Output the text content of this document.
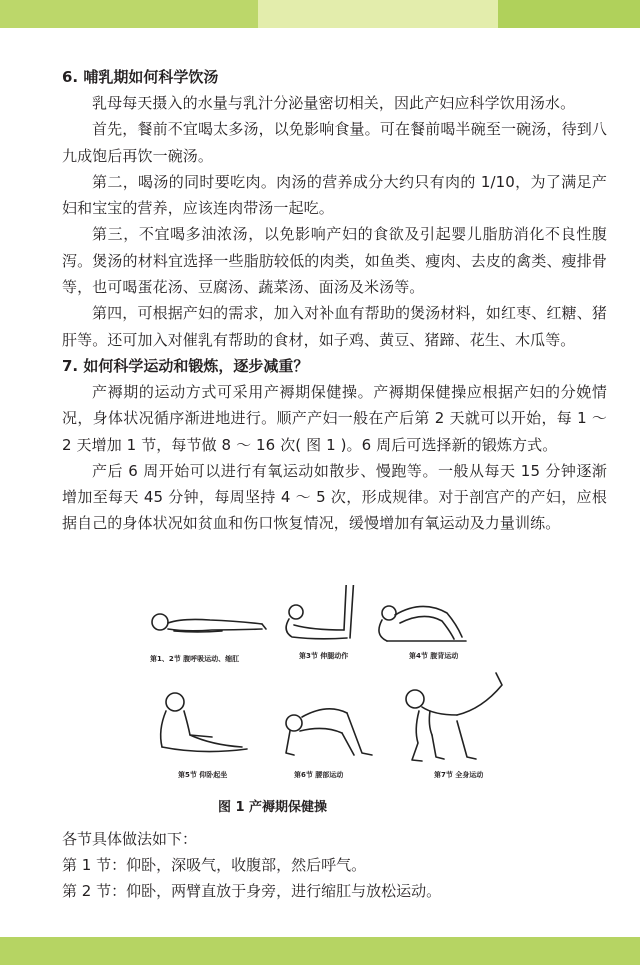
6. 哺乳期如何科学饮汤

乳母每天摄入的水量与乳汁分泌量密切相关，因此产妇应科学饮用汤水。

首先，餐前不宜喝太多汤，以免影响食量。可在餐前喝半碗至一碗汤，待到八九成饱后再饮一碗汤。

第二，喝汤的同时要吃肉。肉汤的营养成分大约只有肉的 1/10，为了满足产妇和宝宝的营养，应该连肉带汤一起吃。

第三，不宜喝多油浓汤，以免影响产妇的食欲及引起婴儿脂肪消化不良性腹泻。煲汤的材料宜选择一些脂肪较低的肉类，如鱼类、瘦肉、去皮的禽类、瘦排骨等，也可喝蛋花汤、豆腐汤、蔬菜汤、面汤及米汤等。

第四，可根据产妇的需求，加入对补血有帮助的煲汤材料，如红枣、红糖、猪肝等。还可加入对催乳有帮助的食材，如子鸡、黄豆、猪蹄、花生、木瓜等。

7. 如何科学运动和锻炼，逐步减重？

产褥期的运动方式可采用产褥期保健操。产褥期保健操应根据产妇的分娩情况，身体状况循序渐进地进行。顺产产妇一般在产后第 2 天就可以开始，每 1 ～ 2 天增加 1 节，每节做 8 ～ 16 次( 图 1 )。6 周后可选择新的锻炼方式。

产后 6 周开始可以进行有氧运动如散步、慢跑等。一般从每天 15 分钟逐渐增加至每天 45 分钟，每周坚持 4 ～ 5 次，形成规律。对于剖宫产的产妇，应根据自己的身体状况如贫血和伤口恢复情况，缓慢增加有氧运动及力量训练。

第1、2节 腹呼吸运动、缩肛	第3节 伸腿动作	第4节 腹背运动
第5节 仰卧起坐	第6节 腰部运动	第7节 全身运动
图 1 产褥期保健操

各节具体做法如下：

第 1 节：仰卧，深吸气，收腹部，然后呼气。

第 2 节：仰卧，两臂直放于身旁，进行缩肛与放松运动。
